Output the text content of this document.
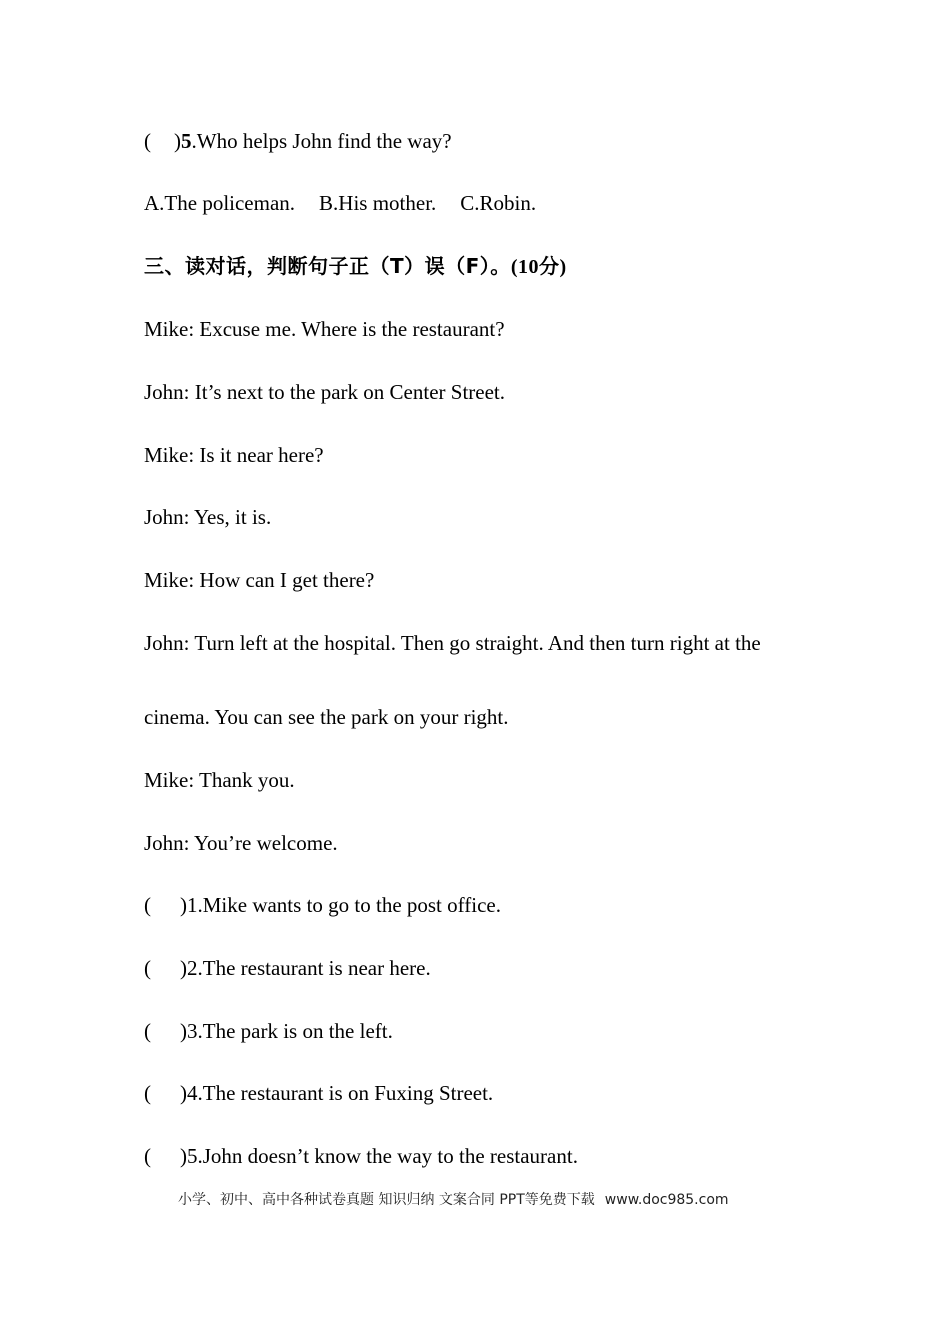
( )5.Who helps John find the way?
A.The policeman. B.His mother. C.Robin.
三、读对话，判断句子正（T）误（F）。(10分)
Mike: Excuse me. Where is the restaurant?
John: It’s next to the park on Center Street.
Mike: Is it near here?
John: Yes, it is.
Mike: How can I get there?
John: Turn left at the hospital. Then go straight. And then turn right at the
cinema. You can see the park on your right.
Mike: Thank you.
John: You’re welcome.
( )1.Mike wants to go to the post office.
( )2.The restaurant is near here.
( )3.The park is on the left.
( )4.The restaurant is on Fuxing Street.
( )5.John doesn’t know the way to the restaurant.
小学、初中、高中各种试卷真题 知识归纳 文案合同 PPT等免费下载 www.doc985.com
